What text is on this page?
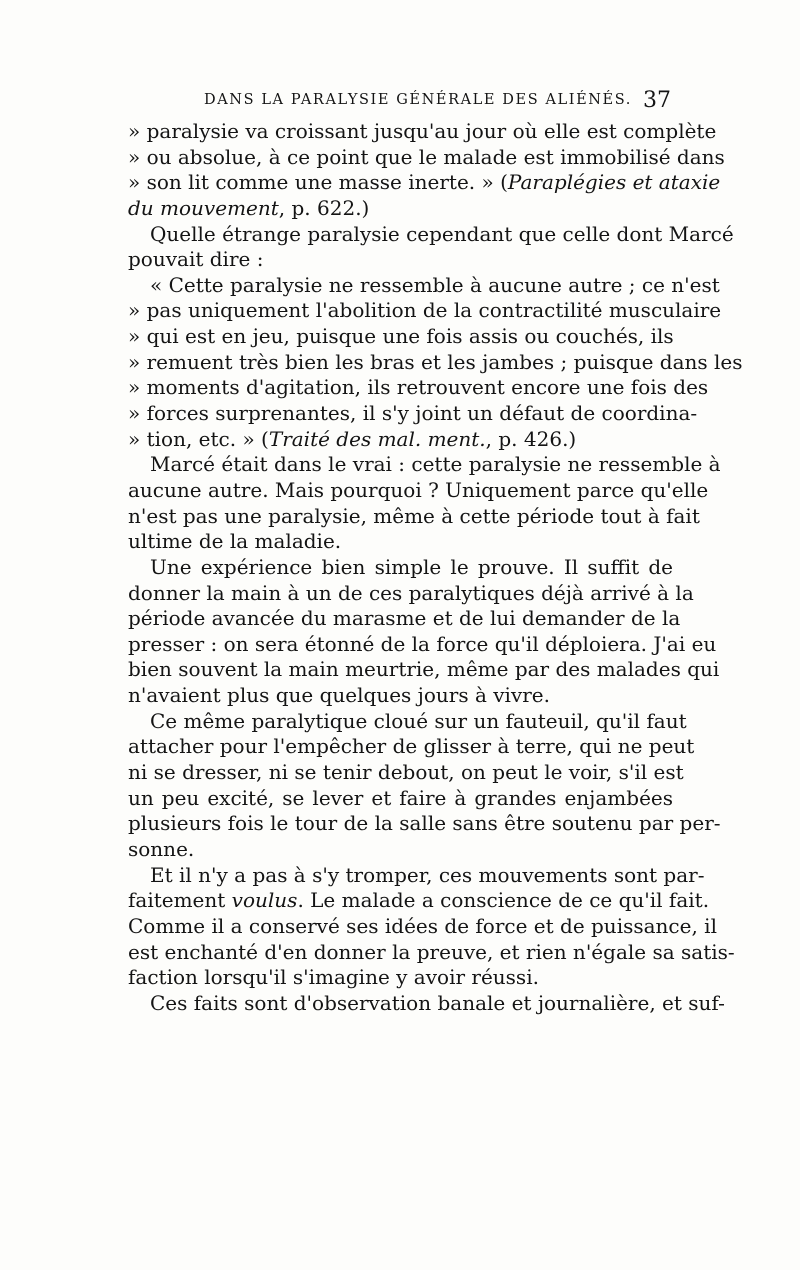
DANS LA PARALYSIE GÉNÉRALE DES ALIÉNÉS. 37
» paralysie va croissant jusqu'au jour où elle est complète
» ou absolue, à ce point que le malade est immobilisé dans
» son lit comme une masse inerte. » (Paraplégies et ataxie
du mouvement, p. 622.)
Quelle étrange paralysie cependant que celle dont Marcé
pouvait dire :
« Cette paralysie ne ressemble à aucune autre ; ce n'est
» pas uniquement l'abolition de la contractilité musculaire
» qui est en jeu, puisque une fois assis ou couchés, ils
» remuent très bien les bras et les jambes ; puisque dans les
» moments d'agitation, ils retrouvent encore une fois des
» forces surprenantes, il s'y joint un défaut de coordina-
» tion, etc. » (Traité des mal. ment., p. 426.)
Marcé était dans le vrai : cette paralysie ne ressemble à
aucune autre. Mais pourquoi ? Uniquement parce qu'elle
n'est pas une paralysie, même à cette période tout à fait
ultime de la maladie.
Une expérience bien simple le prouve. Il suffit de
donner la main à un de ces paralytiques déjà arrivé à la
période avancée du marasme et de lui demander de la
presser : on sera étonné de la force qu'il déploiera. J'ai eu
bien souvent la main meurtrie, même par des malades qui
n'avaient plus que quelques jours à vivre.
Ce même paralytique cloué sur un fauteuil, qu'il faut
attacher pour l'empêcher de glisser à terre, qui ne peut
ni se dresser, ni se tenir debout, on peut le voir, s'il est
un peu excité, se lever et faire à grandes enjambées
plusieurs fois le tour de la salle sans être soutenu par per-
sonne.
Et il n'y a pas à s'y tromper, ces mouvements sont par-
faitement voulus. Le malade a conscience de ce qu'il fait.
Comme il a conservé ses idées de force et de puissance, il
est enchanté d'en donner la preuve, et rien n'égale sa satis-
faction lorsqu'il s'imagine y avoir réussi.
Ces faits sont d'observation banale et journalière, et suf-
